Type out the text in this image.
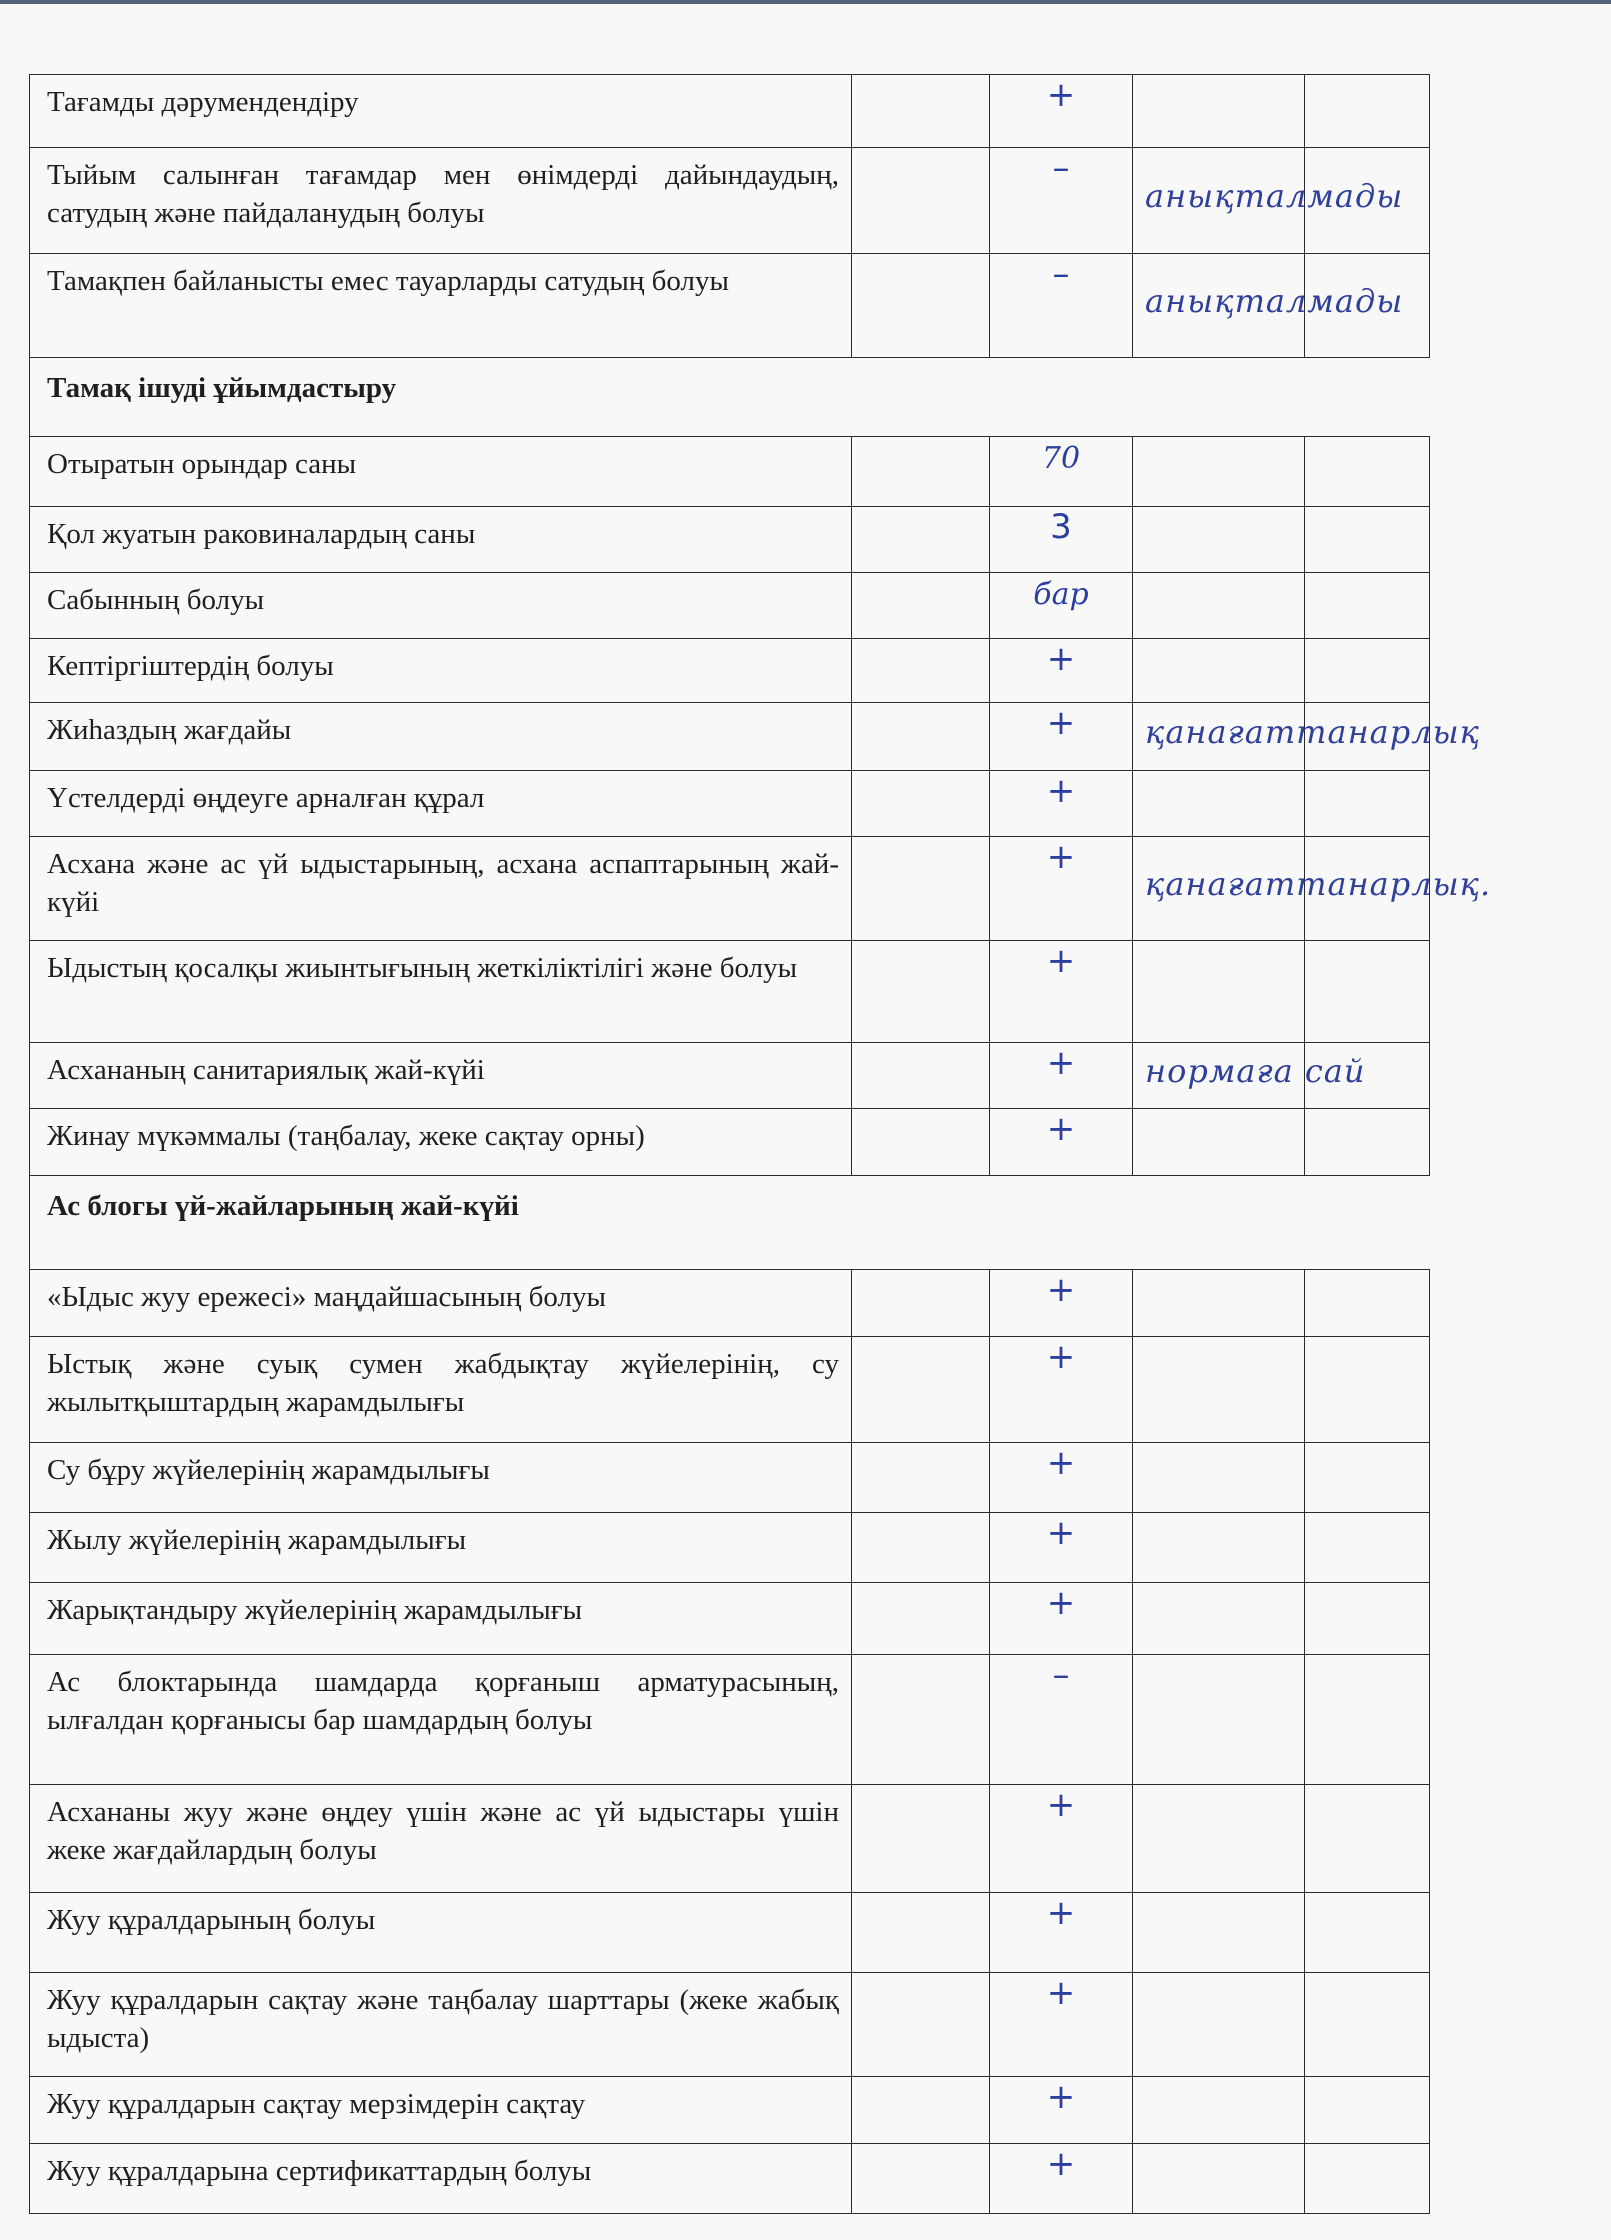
Тағамды дәрумендендіру		+		

Тыйым салынған тағамдар мен өнімдерді дайындаудың, сатудың және пайдаланудың болуы		–	анықталмады	

Тамақпен байланысты емес тауарларды сатудың болуы		–	анықталмады	

Тамақ ішуді ұйымдастыру				

Отыратын орындар саны		70		

Қол жуатын раковиналардың саны		3		

Сабынның болуы		бар		

Кептіргіштердің болуы		+		

Жиһаздың жағдайы		+	қанағаттанарлық	

Үстелдерді өңдеуге арналған құрал		+		

Асхана және ас үй ыдыстарының, асхана аспаптарының жай-күйі		+	қанағаттанарлық.	

Ыдыстың қосалқы жиынтығының жеткіліктілігі және болуы		+		

Асхананың санитариялық жай-күйі		+	нормаға сай	

Жинау мүкәммалы (таңбалау, жеке сақтау орны)		+		

Ас блогы үй-жайларының жай-күйі				

«Ыдыс жуу ережесі» маңдайшасының болуы		+		

Ыстық және суық сумен жабдықтау жүйелерінің, су жылытқыштардың жарамдылығы		+		

Су бұру жүйелерінің жарамдылығы		+		

Жылу жүйелерінің жарамдылығы		+		

Жарықтандыру жүйелерінің жарамдылығы		+		

Ас блоктарында шамдарда қорғаныш арматурасының, ылғалдан қорғанысы бар шамдардың болуы		–		

Асхананы жуу және өңдеу үшін және ас үй ыдыстары үшін жеке жағдайлардың болуы		+		

Жуу құралдарының болуы		+		

Жуу құралдарын сақтау және таңбалау шарттары (жеке жабық ыдыста)		+		

Жуу құралдарын сақтау мерзімдерін сақтау		+		

Жуу құралдарына сертификаттардың болуы		+		
